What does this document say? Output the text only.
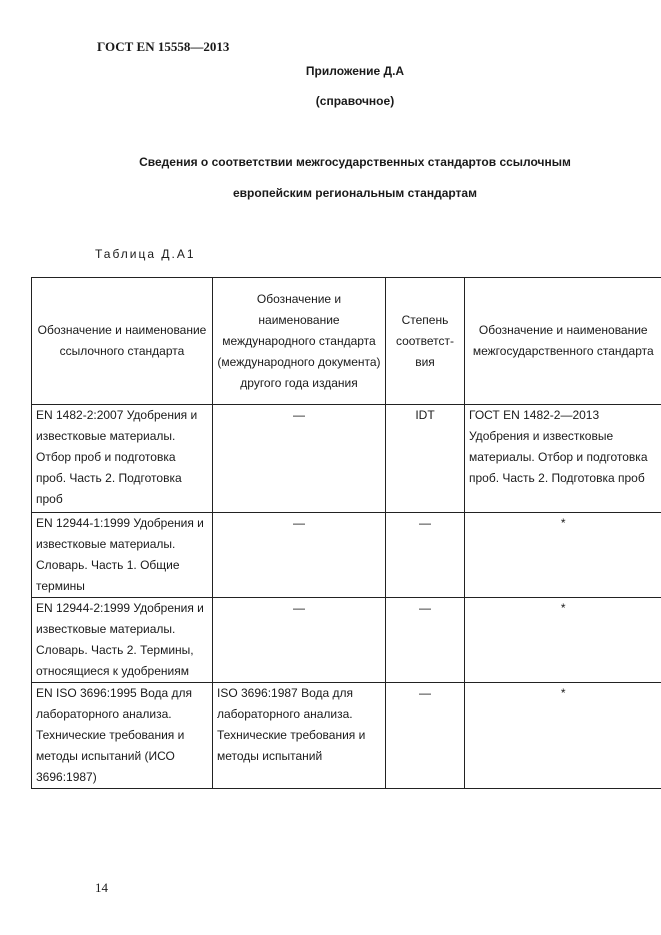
ГОСТ EN 15558—2013
Приложение Д.А
(справочное)
Сведения о соответствии межгосударственных стандартов ссылочным
европейским региональным стандартам
Таблица Д.А1
Обозначение и наименование ссылочного стандарта	Обозначение и наименование международного стандарта (международного документа) другого года издания	Степень соответст-вия	Обозначение и наименование межгосударственного стандарта
EN 1482-2:2007 Удобрения и известковые материалы. Отбор проб и подготовка проб. Часть 2. Подготовка проб	—	IDT	ГОСТ EN 1482-2—2013 Удобрения и известковые материалы. Отбор и подготовка проб. Часть 2. Подготовка проб
EN 12944-1:1999 Удобрения и известковые материалы. Словарь. Часть 1. Общие термины	—	—	*
EN 12944-2:1999 Удобрения и известковые материалы. Словарь. Часть 2. Термины, относящиеся к удобрениям	—	—	*
EN ISO 3696:1995 Вода для лабораторного анализа. Технические требования и методы испытаний (ИСО 3696:1987)	ISO 3696:1987 Вода для лабораторного анализа. Технические требования и методы испытаний	—	*
14
